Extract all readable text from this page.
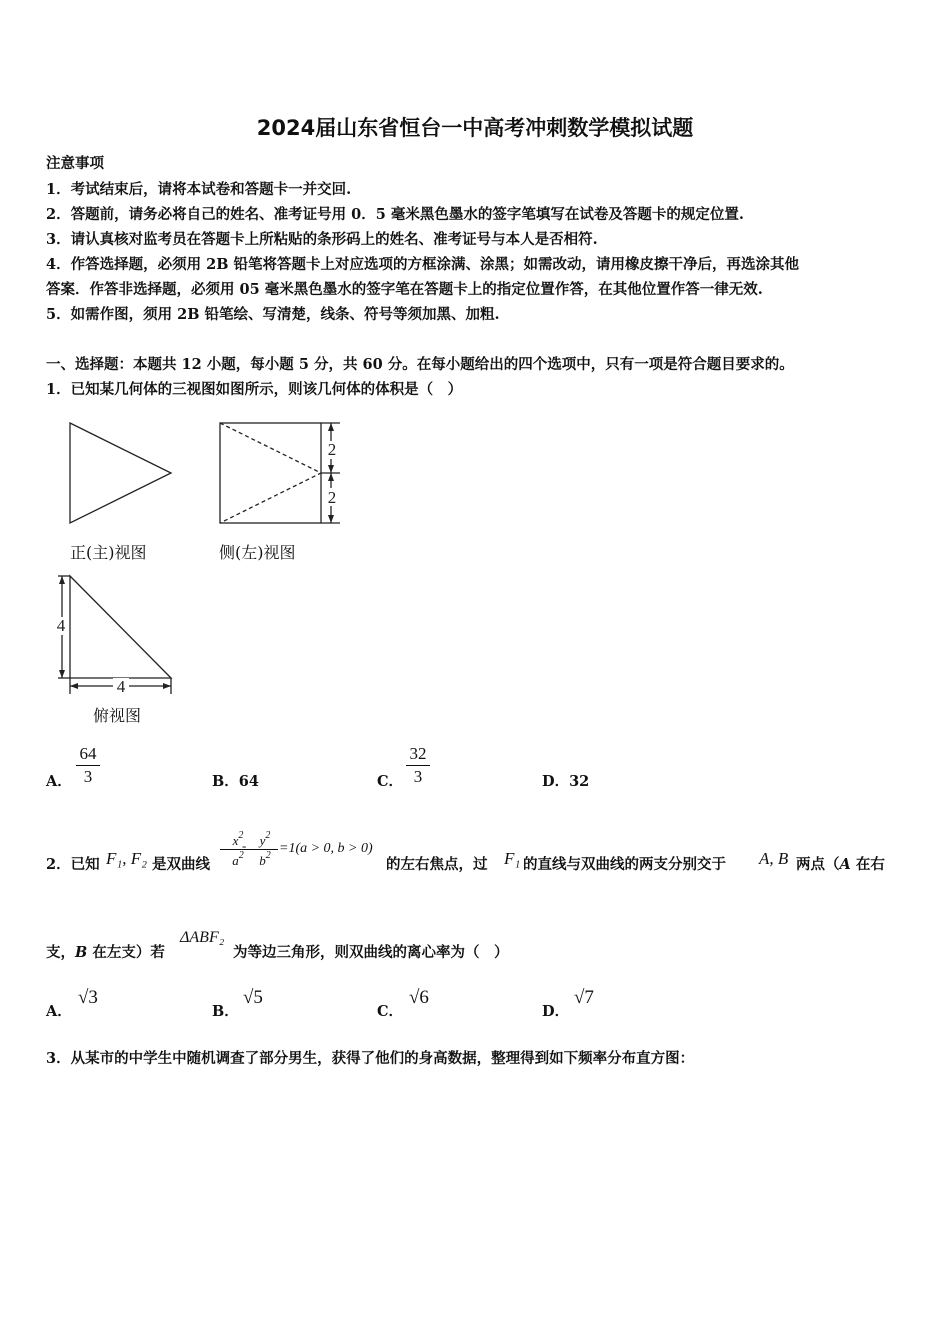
2024届山东省恒台一中高考冲刺数学模拟试题
注意事项
1．考试结束后，请将本试卷和答题卡一并交回.
2．答题前，请务必将自己的姓名、准考证号用 0．5 毫米黑色墨水的签字笔填写在试卷及答题卡的规定位置.
3．请认真核对监考员在答题卡上所粘贴的条形码上的姓名、准考证号与本人是否相符.
4．作答选择题，必须用 2B 铅笔将答题卡上对应选项的方框涂满、涂黑；如需改动，请用橡皮擦干净后，再选涂其他
答案．作答非选择题，必须用 05 毫米黑色墨水的签字笔在答题卡上的指定位置作答，在其他位置作答一律无效.
5．如需作图，须用 2B 铅笔绘、写清楚，线条、符号等须加黑、加粗.
一、选择题：本题共 12 小题，每小题 5 分，共 60 分。在每小题给出的四个选项中，只有一项是符合题目要求的。
1．已知某几何体的三视图如图所示，则该几何体的体积是（　）
2
2
4
4
正(主)视图	侧(左)视图
俯视图
A．
64
3	B．64	C．
32
3	D．32
2．已知 F₁, F₂ 是双曲线
$x^2$
$a^2$
-	$y^2$
$b^2 =1(a > 0$, b > 0)
的左右焦点，过 F₁ 的直线与双曲线的两支分别交于 A, B 两点（A 在右
支，B 在左支）若
ΔABF₂
为等边三角形，则双曲线的离心率为（　）
A．
√3
B．
√5
C．
√6
D．
√7
3．从某市的中学生中随机调查了部分男生，获得了他们的身高数据，整理得到如下频率分布直方图：
